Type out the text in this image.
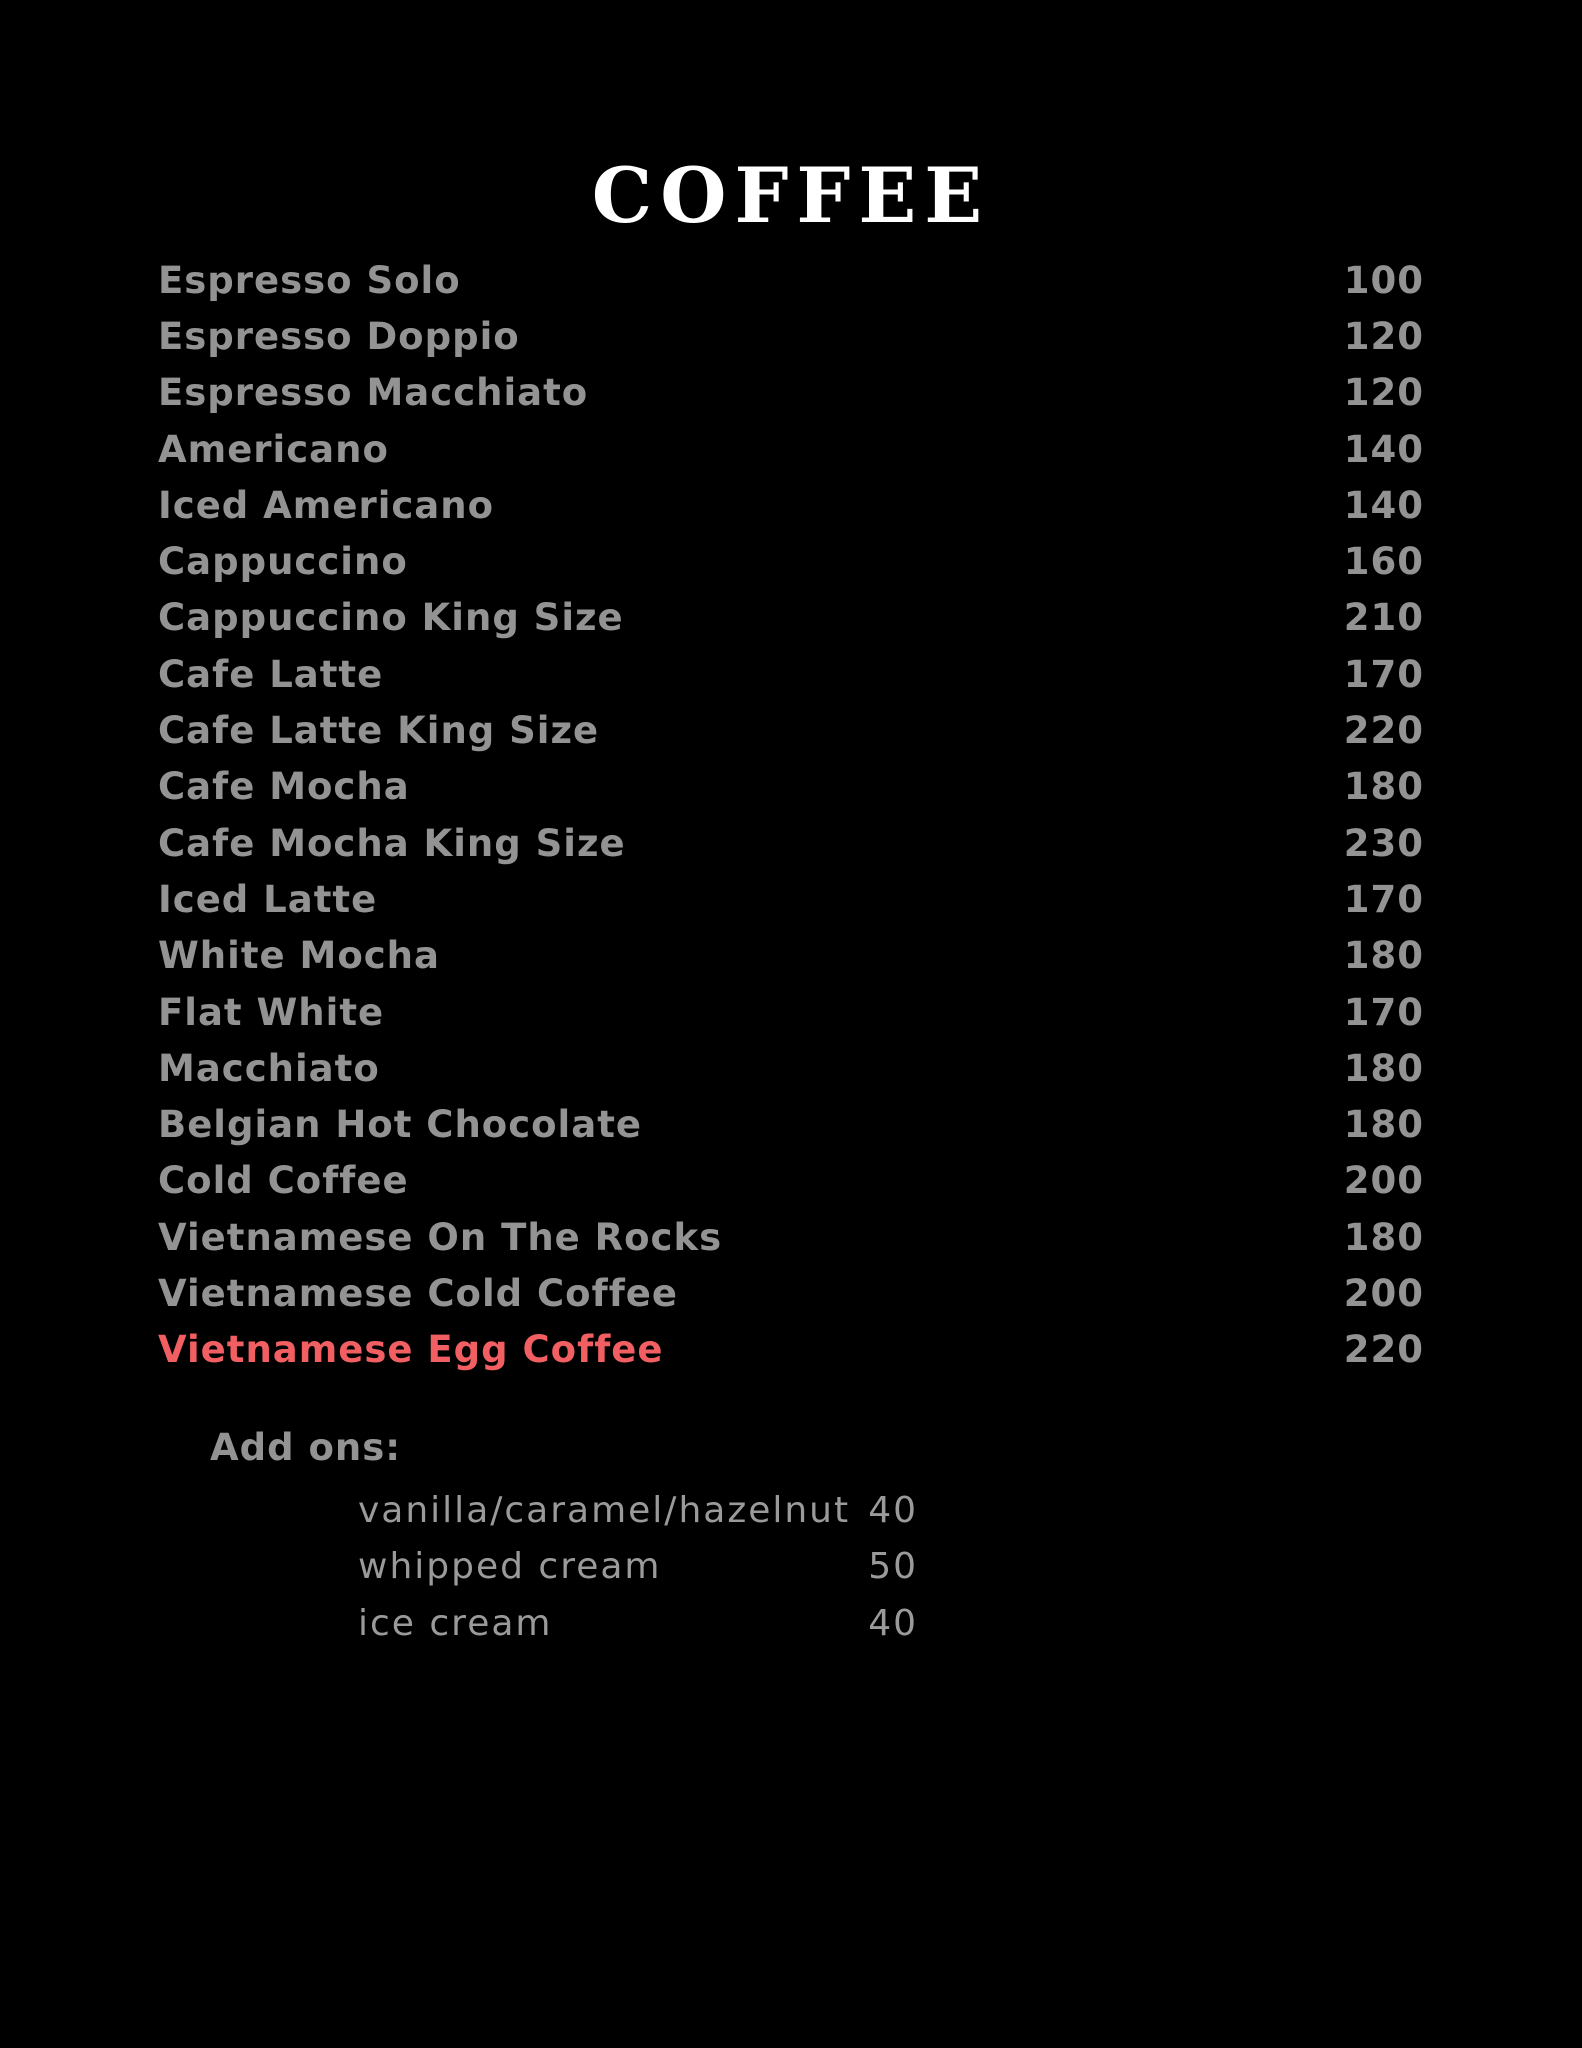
COFFEE
Espresso Solo	100
Espresso Doppio	120
Espresso Macchiato	120
Americano	140
Iced Americano	140
Cappuccino	160
Cappuccino King Size	210
Cafe Latte	170
Cafe Latte King Size	220
Cafe Mocha	180
Cafe Mocha King Size	230
Iced Latte	170
White Mocha	180
Flat White	170
Macchiato	180
Belgian Hot Chocolate	180
Cold Coffee	200
Vietnamese On The Rocks	180
Vietnamese Cold Coffee	200
Vietnamese Egg Coffee	220
Add ons:
vanilla/caramel/hazelnut 40
whipped cream	50
ice cream	40
